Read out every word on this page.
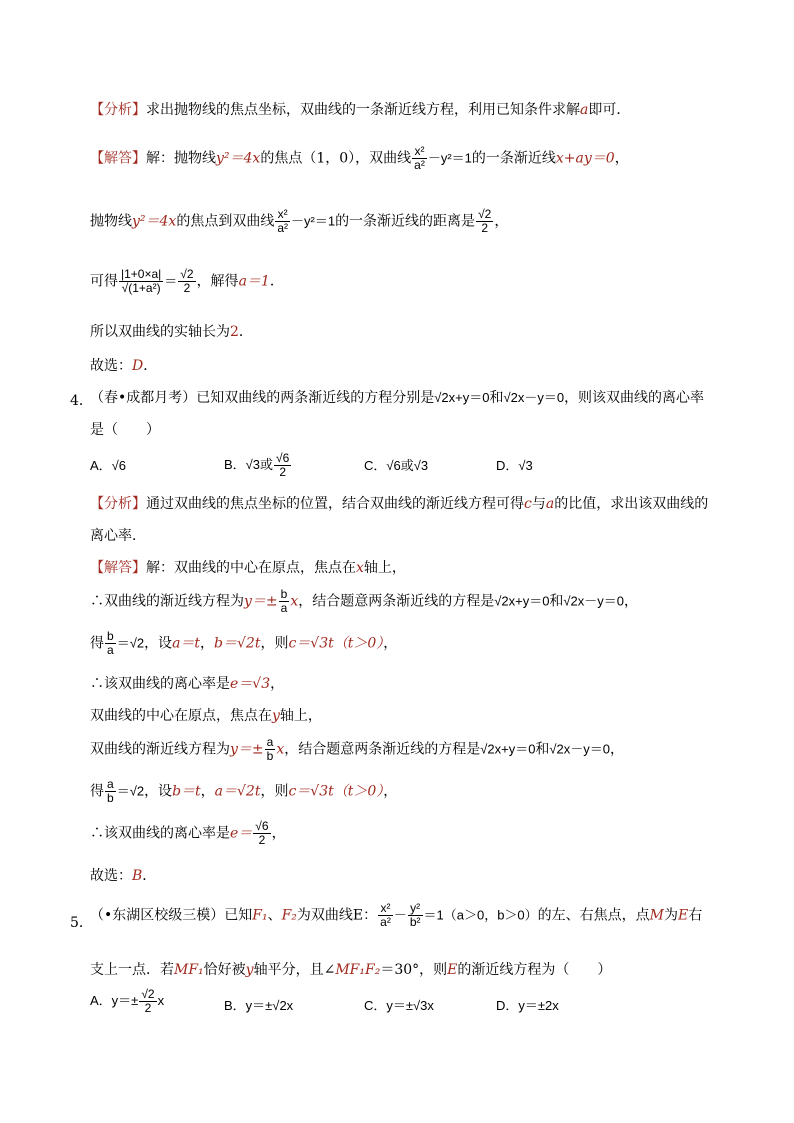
【分析】求出抛物线的焦点坐标，双曲线的一条渐近线方程，利用已知条件求解a即可．
【解答】解：抛物线y²＝4x的焦点（1，0），双曲线 $\frac{\text{x²}}{\text{a²}} -y^2=1$的一条渐近线x+ay＝0，
抛物线y²＝4x的焦点到双曲线 $\frac{\text{x²}}{\text{a²}} -y^2=1$的一条渐近线的距离是 $\frac{√2}{2}$ ，
可得 $\frac{|1+0\times a|}{\text{√(1+a²)}} = \frac{√2}{2}$ ，解得a＝1．
所以双曲线的实轴长为2．
故选：D．
4．
（春•成都月考）已知双曲线的两条渐近线的方程分别是√2x+y＝0和√2x－y＝0，则该双曲线的离心率
是（　　）
A．√6	B．√3或 $\frac{√6}{2}$	C．√6或√3	D．√3
【分析】通过双曲线的焦点坐标的位置，结合双曲线的渐近线方程可得c与a的比值，求出该双曲线的
离心率．
【解答】解：双曲线的中心在原点，焦点在x轴上，
∴双曲线的渐近线方程为$y=\pm \frac{b}{a}$ x，结合题意两条渐近线的方程是√2x+y＝0和√2x－y＝0，
得 $\frac{b}{a} =√2$，设a＝t，b＝√2t，则c＝√3t（t＞0），
∴该双曲线的离心率是e＝√3，
双曲线的中心在原点，焦点在y轴上，
双曲线的渐近线方程为$y=\pm \frac{a}{b}$ x，结合题意两条渐近线的方程是√2x+y＝0和√2x－y＝0，
得 $\frac{a}{b} =√2$，设b＝t，a＝√2t，则c＝√3t（t＞0），
∴该双曲线的离心率是$e= \frac{√6}{2}$ ，
故选：B．
5．
（•东湖区校级三模）已知F₁、F₂为双曲线E： $\frac{\text{x²}}{\text{a²}} - \frac{\text{y²}}{\text{b²}} =1(a>0$，b＞0）的左、右焦点，点M为E右
支上一点．若MF₁恰好被y轴平分，且∠MF₁F₂＝30°，则E的渐近线方程为（　　）
A．$y=\pm \frac{√2}{2}$ x	B．y＝±√2x	C．y＝±√3x	D．y＝±2x
